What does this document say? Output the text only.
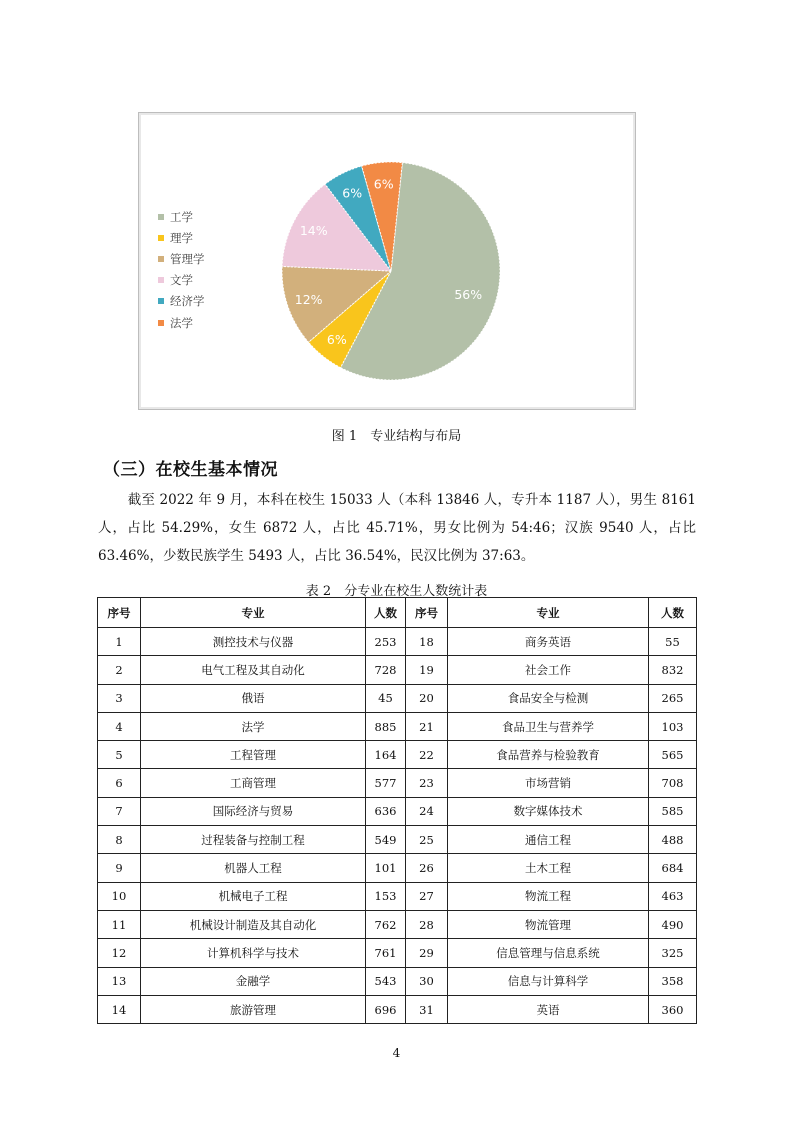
56%
6%
12%
14%
6%
6%
工学
理学
管理学
文学
经济学
法学
图 1　专业结构与布局
（三）在校生基本情况
截至 2022 年 9 月，本科在校生 15033 人（本科 13846 人，专升本 1187 人），男生 8161 人，占比 54.29%，女生 6872 人，占比 45.71%，男女比例为 54:46；汉族 9540 人，占比 63.46%，少数民族学生 5493 人，占比 36.54%，民汉比例为 37:63。
表 2　分专业在校生人数统计表
序号	专业	人数	序号	专业	人数
1	测控技术与仪器	253	18	商务英语	55
2	电气工程及其自动化	728	19	社会工作	832
3	俄语	45	20	食品安全与检测	265
4	法学	885	21	食品卫生与营养学	103
5	工程管理	164	22	食品营养与检验教育	565
6	工商管理	577	23	市场营销	708
7	国际经济与贸易	636	24	数字媒体技术	585
8	过程装备与控制工程	549	25	通信工程	488
9	机器人工程	101	26	土木工程	684
10	机械电子工程	153	27	物流工程	463
11	机械设计制造及其自动化	762	28	物流管理	490
12	计算机科学与技术	761	29	信息管理与信息系统	325
13	金融学	543	30	信息与计算科学	358
14	旅游管理	696	31	英语	360
4
